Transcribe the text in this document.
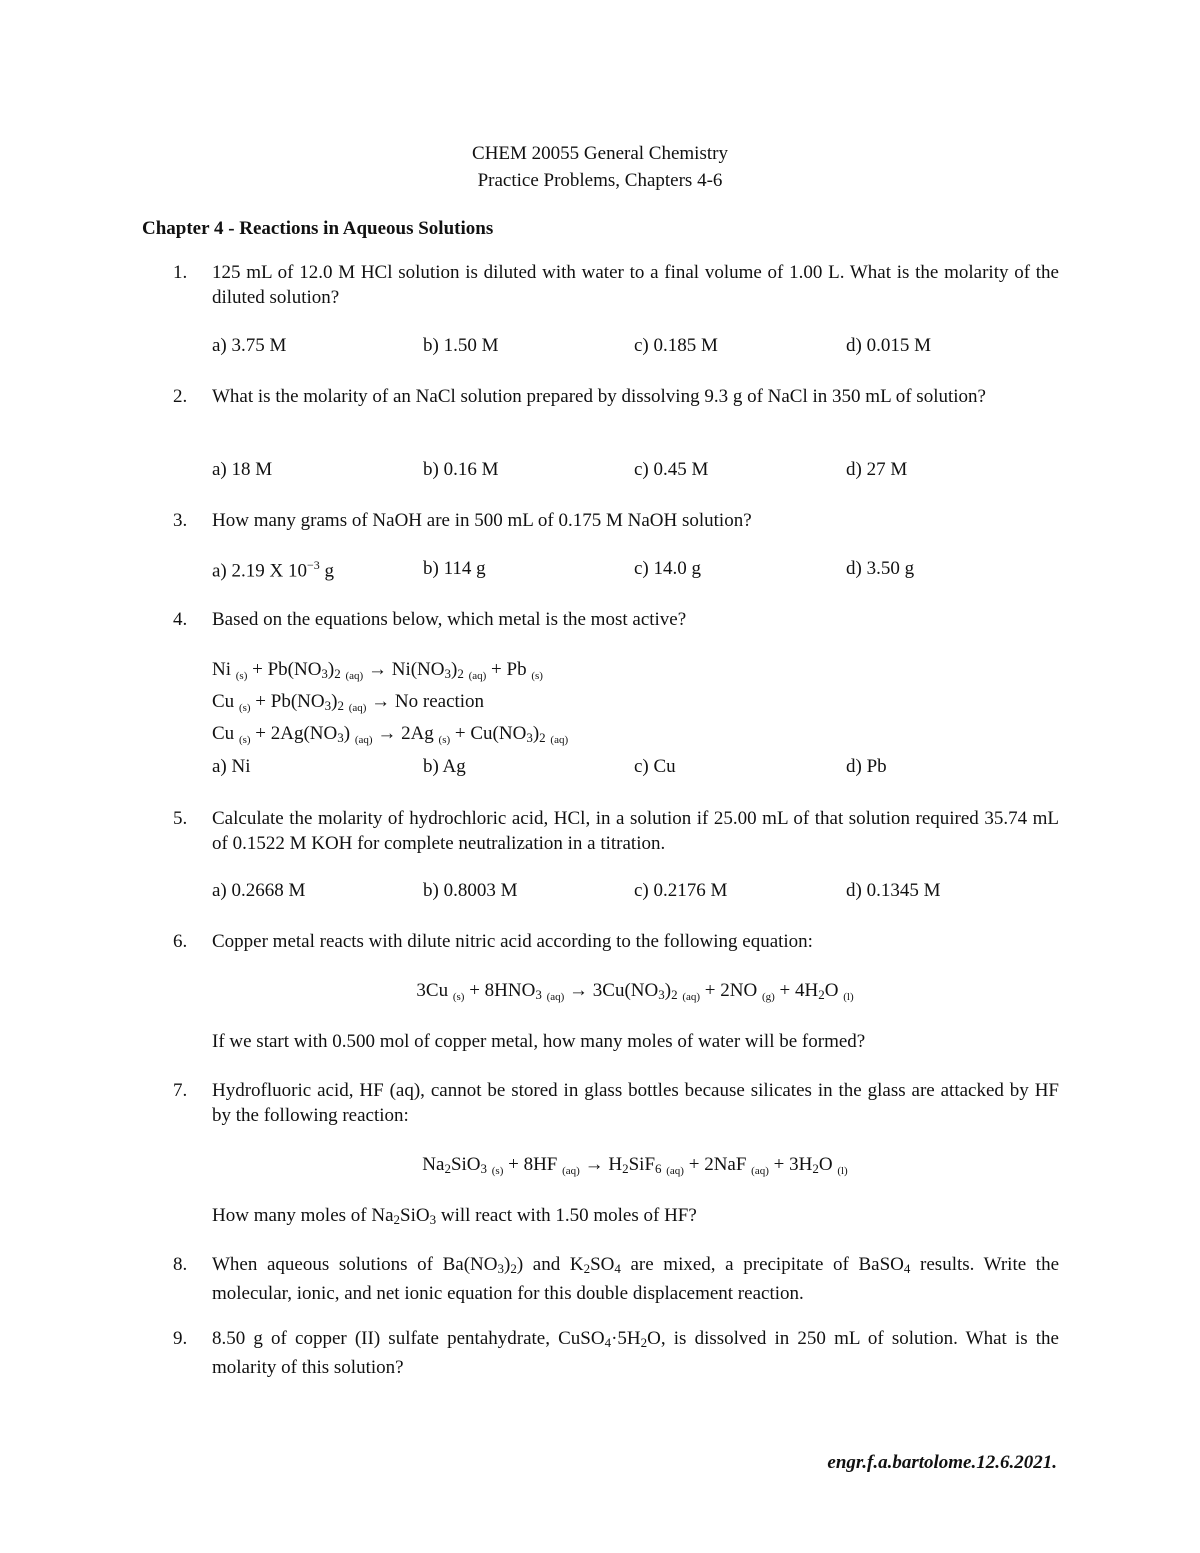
CHEM 20055 General Chemistry
Practice Problems, Chapters 4-6
Chapter 4 - Reactions in Aqueous Solutions
1. 125 mL of 12.0 M HCl solution is diluted with water to a final volume of 1.00 L. What is the molarity of the diluted solution?
a) 3.75 M	b) 1.50 M	c) 0.185 M	d) 0.015 M
2. What is the molarity of an NaCl solution prepared by dissolving 9.3 g of NaCl in 350 mL of solution?
a) 18 M	b) 0.16 M	c) 0.45 M	d) 27 M
3. How many grams of NaOH are in 500 mL of 0.175 M NaOH solution?
a) 2.19 X $10^{-3}$ g	b) 114 g	c) 14.0 g	d) 3.50 g
4. Based on the equations below, which metal is the most active?
Ni $_{(s)} + Pb(NO_3)_2$ $_{(aq)} \to Ni(NO_3)_2$ $_{(aq)}$ + Pb $_{(s)}$
Cu $_{(s)} + Pb(NO_3)_2$ $_{(aq)}$ → No reaction
Cu $_{(s)} + 2Ag(NO_3) _{(aq)} \to 2Ag$ $_{(s)} + Cu(NO_3)_2$ $_{(aq)}$
a) Ni	b) Ag	c) Cu	d) Pb
5. Calculate the molarity of hydrochloric acid, HCl, in a solution if 25.00 mL of that solution required 35.74 mL of 0.1522 M KOH for complete neutralization in a titration.
a) 0.2668 M	b) 0.8003 M	c) 0.2176 M	d) 0.1345 M
6. Copper metal reacts with dilute nitric acid according to the following equation:
3Cu $_{(s)} + 8HNO_3$ $_{(aq)} \to 3Cu(NO_3)_2$ $_{(aq)}$ + 2NO $_{(g)} + 4H_2O$ $_{(l)}$
If we start with 0.500 mol of copper metal, how many moles of water will be formed?
7. Hydrofluoric acid, HF (aq), cannot be stored in glass bottles because silicates in the glass are attacked by HF by the following reaction:
$Na_2SiO_3$ $_{(s)}$ + 8HF $_{(aq)} \to H_2SiF_6$ $_{(aq)}$ + 2NaF $_{(aq)} + 3H_2O$ $_{(l)}$
How many moles of $Na_2SiO_3$ will react with 1.50 moles of HF?
8. When aqueous solutions of $Ba(NO_3)_2$) and $K_2SO_4$ are mixed, a precipitate of BaSO$_4$ results. Write the molecular, ionic, and net ionic equation for this double displacement reaction.
9. 8.50 g of copper (II) sulfate pentahydrate, $CuSO_4\cdot 5H_2O$, is dissolved in 250 mL of solution. What is the molarity of this solution?
engr.f.a.bartolome.12.6.2021.
